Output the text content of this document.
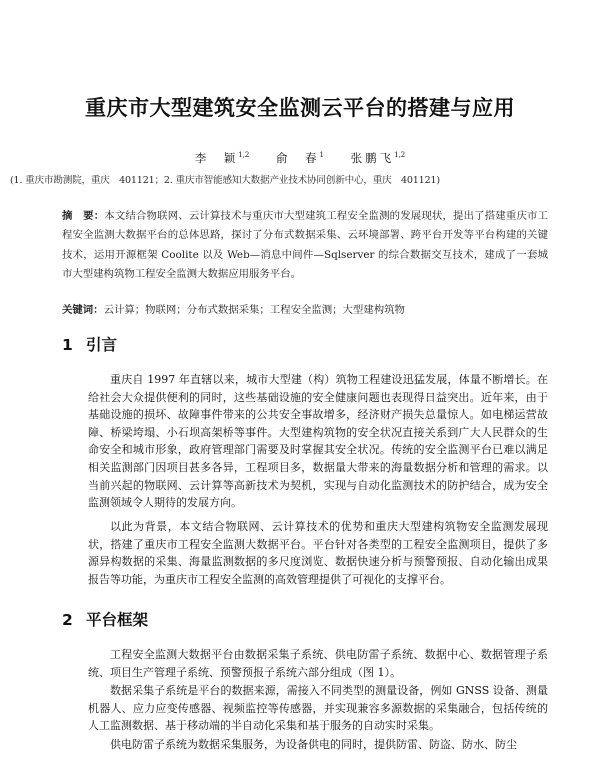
重庆市大型建筑安全监测云平台的搭建与应用
李　颖$^{1,2}$ 俞　春$^1$ 张鹏飞$^{1,2}$
(1. 重庆市勘测院，重庆　401121；2. 重庆市智能感知大数据产业技术协同创新中心，重庆　401121)
摘　要：本文结合物联网、云计算技术与重庆市大型建筑工程安全监测的发展现状，提出了搭建重庆市工程安全监测大数据平台的总体思路，探讨了分布式数据采集、云环境部署、跨平台开发等平台构建的关键技术，运用开源框架 Coolite 以及 Web—消息中间件—Sqlserver 的综合数据交互技术，建成了一套城市大型建构筑物工程安全监测大数据应用服务平台。
关键词：云计算；物联网；分布式数据采集；工程安全监测；大型建构筑物
1 引言

重庆自 1997 年直辖以来，城市大型建（构）筑物工程建设迅猛发展，体量不断增长。在给社会大众提供便利的同时，这些基础设施的安全健康问题也表现得日益突出。近年来，由于基础设施的损坏、故障事件带来的公共安全事故增多，经济财产损失总量惊人。如电梯运营故障、桥梁垮塌、小石坝高架桥等事件。大型建构筑物的安全状况直接关系到广大人民群众的生命安全和城市形象，政府管理部门需要及时掌握其安全状况。传统的安全监测平台已难以满足相关监测部门因项目甚多各异，工程项目多，数据量大带来的海量数据分析和管理的需求。以当前兴起的物联网、云计算等高新技术为契机，实现与自动化监测技术的防护结合，成为安全监测领域令人期待的发展方向。

以此为背景，本文结合物联网、云计算技术的优势和重庆大型建构筑物安全监测发展现状，搭建了重庆市工程安全监测大数据平台。平台针对各类型的工程安全监测项目，提供了多源异构数据的采集、海量监测数据的多尺度浏览、数据快速分析与预警预报、自动化输出成果报告等功能，为重庆市工程安全监测的高效管理提供了可视化的支撑平台。

2 平台框架

工程安全监测大数据平台由数据采集子系统、供电防雷子系统、数据中心、数据管理子系统、项目生产管理子系统、预警预报子系统六部分组成（图 1）。

数据采集子系统是平台的数据来源，需接入不同类型的测量设备，例如 GNSS 设备、测量机器人、应力应变传感器、视频监控等传感器，并实现兼容多源数据的采集融合，包括传统的人工监测数据、基于移动端的半自动化采集和基于服务的自动实时采集。

供电防雷子系统为数据采集服务，为设备供电的同时，提供防雷、防盗、防水、防尘
